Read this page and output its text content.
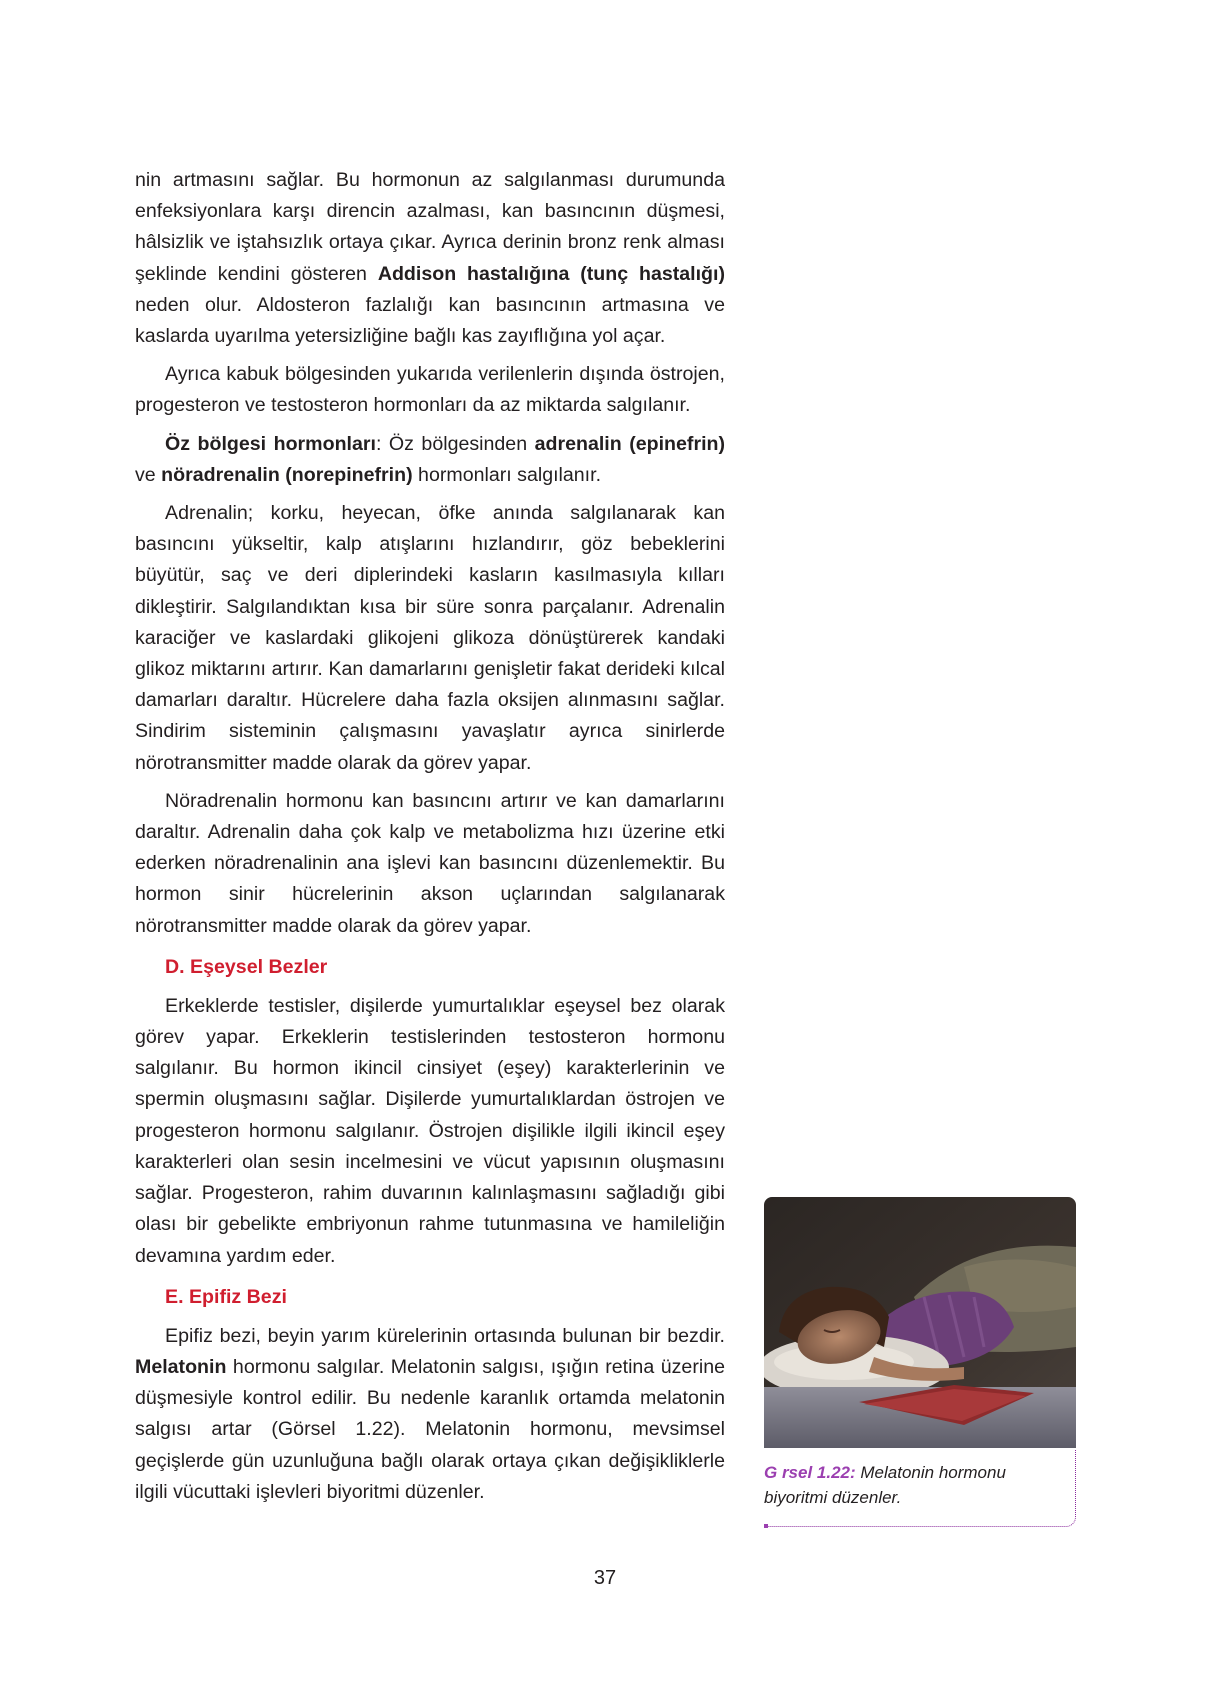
nin artmasını sağlar. Bu hormonun az salgılanması durumunda enfeksiyonlara karşı direncin azalması, kan basıncının düşmesi, hâlsizlik ve iştahsızlık ortaya çıkar. Ayrıca derinin bronz renk alması şeklinde kendini gösteren Addison hastalığına (tunç hastalığı) neden olur. Aldosteron fazlalığı kan basıncının artmasına ve kaslarda uyarılma yetersizliğine bağlı kas zayıflığına yol açar.

Ayrıca kabuk bölgesinden yukarıda verilenlerin dışında östrojen, progesteron ve testosteron hormonları da az miktarda salgılanır.

Öz bölgesi hormonları: Öz bölgesinden adrenalin (epinefrin) ve nöradrenalin (norepinefrin) hormonları salgılanır.

Adrenalin; korku, heyecan, öfke anında salgılanarak kan basıncını yükseltir, kalp atışlarını hızlandırır, göz bebeklerini büyütür, saç ve deri diplerindeki kasların kasılmasıyla kılları dikleştirir. Salgılandıktan kısa bir süre sonra parçalanır. Adrenalin karaciğer ve kaslardaki glikojeni glikoza dönüştürerek kandaki glikoz miktarını artırır. Kan damarlarını genişletir fakat derideki kılcal damarları daraltır. Hücrelere daha fazla oksijen alınmasını sağlar. Sindirim sisteminin çalışmasını yavaşlatır ayrıca sinirlerde nörotransmitter madde olarak da görev yapar.

Nöradrenalin hormonu kan basıncını artırır ve kan damarlarını daraltır. Adrenalin daha çok kalp ve metabolizma hızı üzerine etki ederken nöradrenalinin ana işlevi kan basıncını düzenlemektir. Bu hormon sinir hücrelerinin akson uçlarından salgılanarak nörotransmitter madde olarak da görev yapar.

D. Eşeysel Bezler

Erkeklerde testisler, dişilerde yumurtalıklar eşeysel bez olarak görev yapar. Erkeklerin testislerinden testosteron hormonu salgılanır. Bu hormon ikincil cinsiyet (eşey) karakterlerinin ve spermin oluşmasını sağlar. Dişilerde yumurtalıklardan östrojen ve progesteron hormonu salgılanır. Östrojen dişilikle ilgili ikincil eşey karakterleri olan sesin incelmesini ve vücut yapısının oluşmasını sağlar. Progesteron, rahim duvarının kalınlaşmasını sağladığı gibi olası bir gebelikte embriyonun rahme tutunmasına ve hamileliğin devamına yardım eder.

E. Epifiz Bezi

Epifiz bezi, beyin yarım kürelerinin ortasında bulunan bir bezdir. Melatonin hormonu salgılar. Melatonin salgısı, ışığın retina üzerine düşmesiyle kontrol edilir. Bu nedenle karanlık ortamda melatonin salgısı artar (Görsel 1.22). Melatonin hormonu, mevsimsel geçişlerde gün uzunluğuna bağlı olarak ortaya çıkan değişikliklerle ilgili vücuttaki işlevleri biyoritmi düzenler.

G rsel 1.22: Melatonin hormonu biyoritmi düzenler.
37
